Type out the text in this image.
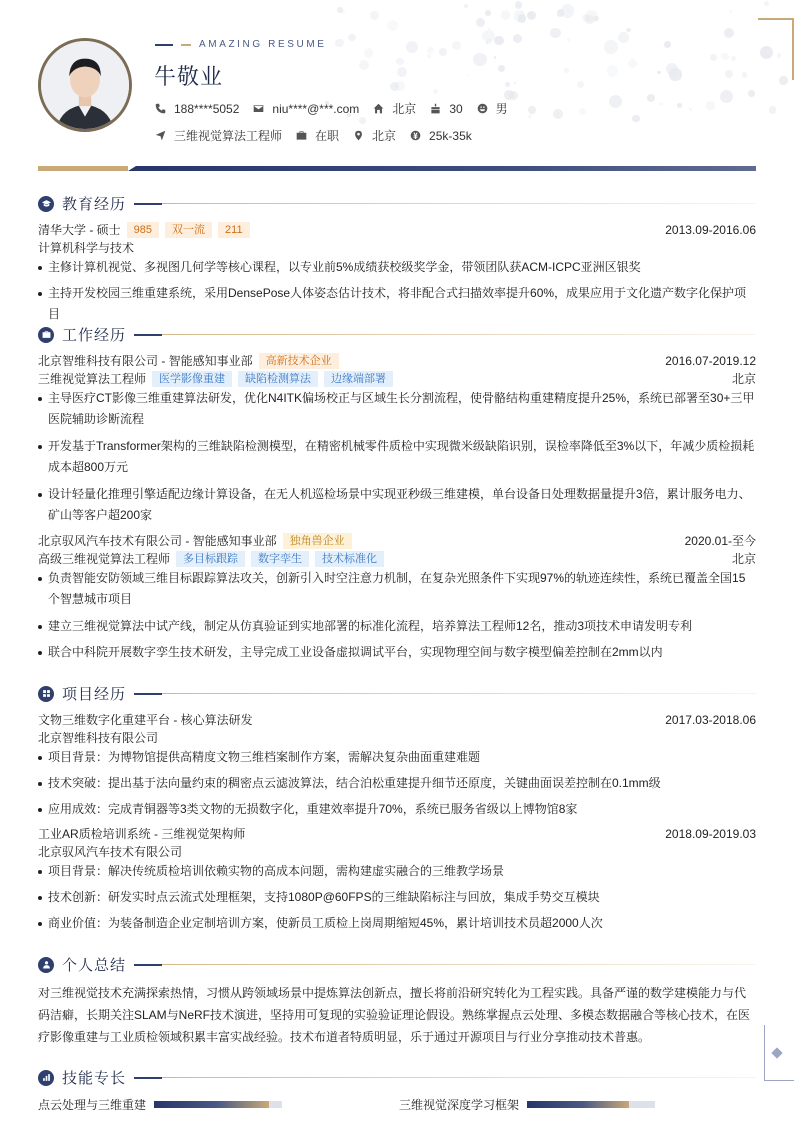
AMAZING RESUME
牛敬业
188****5052	niu****@***.com	北京	30	男
三维视觉算法工程师	在职	北京	25k-35k
教育经历
清华大学 - 硕士	985	双一流	211	2013.09-2016.06
计算机科学与技术
主修计算机视觉、多视图几何学等核心课程，以专业前5%成绩获校级奖学金，带领团队获ACM-ICPC亚洲区银奖
主持开发校园三维重建系统，采用DensePose人体姿态估计技术，将非配合式扫描效率提升60%，成果应用于文化遗产数字化保护项目
工作经历
北京智维科技有限公司 - 智能感知事业部	高新技术企业	2016.07-2019.12
三维视觉算法工程师	医学影像重建	缺陷检测算法	边缘端部署	北京
主导医疗CT影像三维重建算法研发，优化N4ITK偏场校正与区域生长分割流程，使骨骼结构重建精度提升25%，系统已部署至30+三甲
医院辅助诊断流程
开发基于Transformer架构的三维缺陷检测模型，在精密机械零件质检中实现微米级缺陷识别，误检率降低至3%以下，年减少质检损耗
成本超800万元
设计轻量化推理引擎适配边缘计算设备，在无人机巡检场景中实现亚秒级三维建模，单台设备日处理数据量提升3倍，累计服务电力、
矿山等客户超200家
北京驭风汽车技术有限公司 - 智能感知事业部	独角兽企业	2020.01-至今
高级三维视觉算法工程师	多目标跟踪	数字孪生	技术标准化	北京
负责智能安防领域三维目标跟踪算法攻关，创新引入时空注意力机制，在复杂光照条件下实现97%的轨迹连续性，系统已覆盖全国15
个智慧城市项目
建立三维视觉算法中试产线，制定从仿真验证到实地部署的标准化流程，培养算法工程师12名，推动3项技术申请发明专利
联合中科院开展数字孪生技术研发，主导完成工业设备虚拟调试平台，实现物理空间与数字模型偏差控制在2mm以内
项目经历
文物三维数字化重建平台 - 核心算法研发	2017.03-2018.06
北京智维科技有限公司
项目背景：为博物馆提供高精度文物三维档案制作方案，需解决复杂曲面重建难题
技术突破：提出基于法向量约束的稠密点云滤波算法，结合泊松重建提升细节还原度，关键曲面误差控制在0.1mm级
应用成效：完成青铜器等3类文物的无损数字化，重建效率提升70%，系统已服务省级以上博物馆8家
工业AR质检培训系统 - 三维视觉架构师	2018.09-2019.03
北京驭风汽车技术有限公司
项目背景：解决传统质检培训依赖实物的高成本问题，需构建虚实融合的三维教学场景
技术创新：研发实时点云流式处理框架，支持1080P@60FPS的三维缺陷标注与回放，集成手势交互模块
商业价值：为装备制造企业定制培训方案，使新员工质检上岗周期缩短45%，累计培训技术员超2000人次
个人总结
对三维视觉技术充满探索热情，习惯从跨领域场景中提炼算法创新点，擅长将前沿研究转化为工程实践。具备严谨的数学建模能力与代码洁癖，长期关注SLAM与NeRF技术演进，坚持用可复现的实验验证理论假设。熟练掌握点云处理、多模态数据融合等核心技术，在医疗影像重建与工业质检领域积累丰富实战经验。技术布道者特质明显，乐于通过开源项目与行业分享推动技术普惠。
技能专长
点云处理与三维重建	三维视觉深度学习框架
